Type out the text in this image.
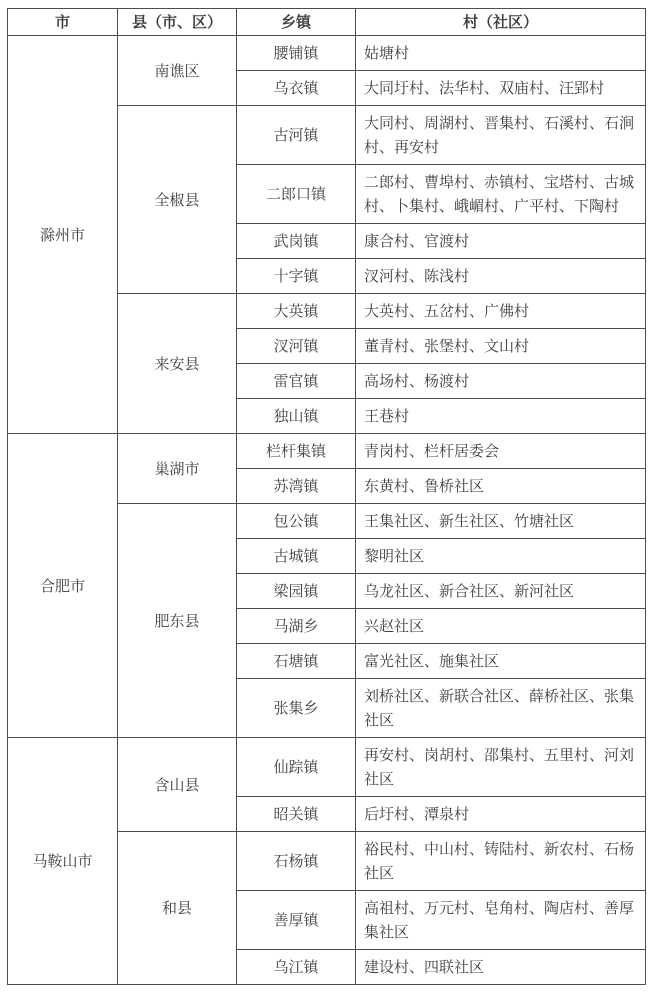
市	县（市、区）	乡镇	村（社区）
滁州市	南谯区	腰铺镇	姑塘村
		乌衣镇	大同圩村、法华村、双庙村、汪郢村
	全椒县	古河镇	大同村、周湖村、晋集村、石溪村、石涧村、再安村
		二郎口镇	二郎村、曹埠村、赤镇村、宝塔村、古城村、卜集村、峨嵋村、广平村、下陶村
		武岗镇	康合村、官渡村
		十字镇	汊河村、陈浅村
	来安县	大英镇	大英村、五岔村、广佛村
		汊河镇	董青村、张堡村、文山村
		雷官镇	高场村、杨渡村
		独山镇	王巷村
合肥市	巢湖市	栏杆集镇	青岗村、栏杆居委会
		苏湾镇	东黄村、鲁桥社区
	肥东县	包公镇	王集社区、新生社区、竹塘社区
		古城镇	黎明社区
		梁园镇	乌龙社区、新合社区、新河社区
		马湖乡	兴赵社区
		石塘镇	富光社区、施集社区
		张集乡	刘桥社区、新联合社区、薛桥社区、张集社区
马鞍山市	含山县	仙踪镇	再安村、岗胡村、邵集村、五里村、河刘社区
		昭关镇	后圩村、潭泉村
	和县	石杨镇	裕民村、中山村、铸陆村、新农村、石杨社区
		善厚镇	高祖村、万元村、皂角村、陶店村、善厚集社区
		乌江镇	建设村、四联社区
